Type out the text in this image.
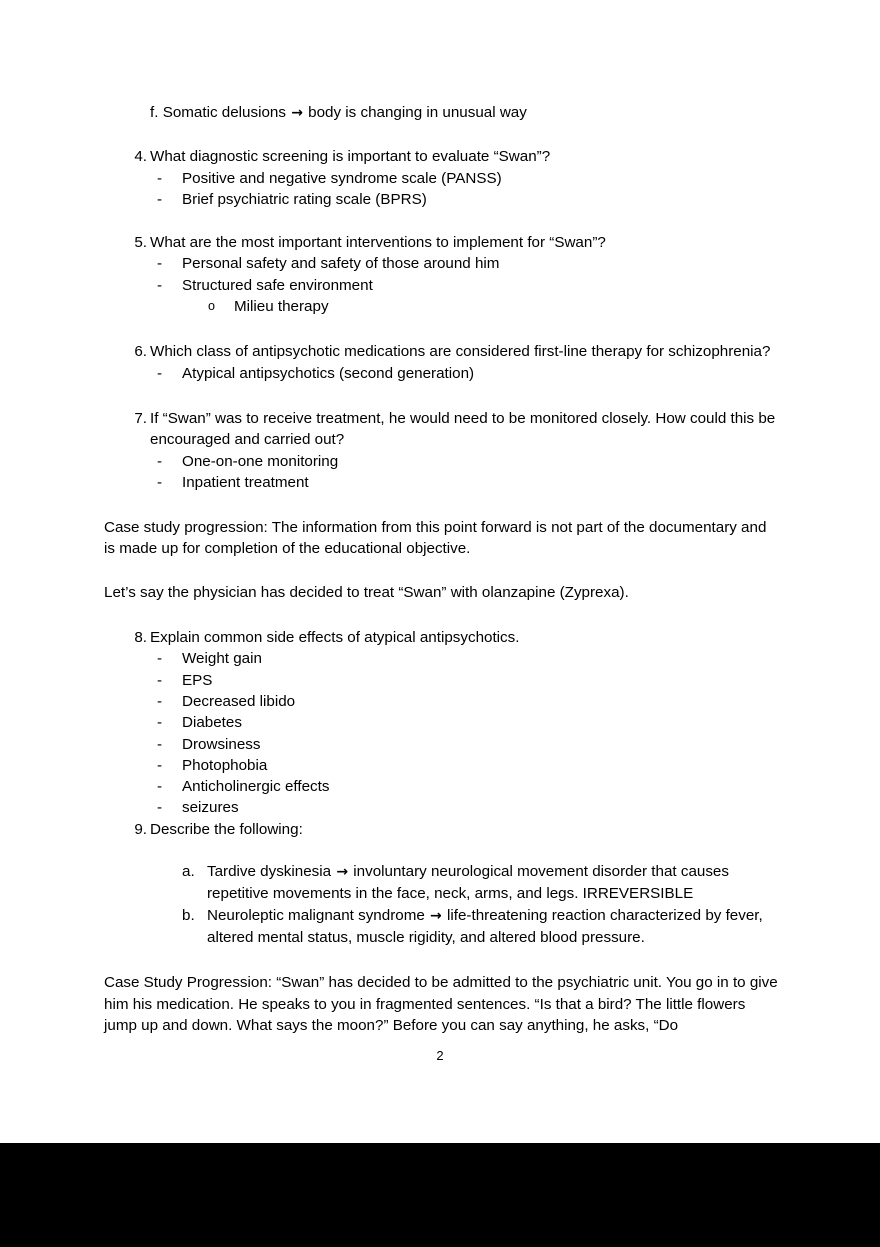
f. Somatic delusions → body is changing in unusual way
4. What diagnostic screening is important to evaluate “Swan”?
- Positive and negative syndrome scale (PANSS)
- Brief psychiatric rating scale (BPRS)
5. What are the most important interventions to implement for “Swan”?
- Personal safety and safety of those around him
- Structured safe environment
o Milieu therapy
6. Which class of antipsychotic medications are considered first-line therapy for schizophrenia?
- Atypical antipsychotics (second generation)
7. If “Swan” was to receive treatment, he would need to be monitored closely. How could this be encouraged and carried out?
- One-on-one monitoring
- Inpatient treatment

Case study progression: The information from this point forward is not part of the documentary and is made up for completion of the educational objective.

Let’s say the physician has decided to treat “Swan” with olanzapine (Zyprexa).

8. Explain common side effects of atypical antipsychotics.
- Weight gain
- EPS
- Decreased libido
- Diabetes
- Drowsiness
- Photophobia
- Anticholinergic effects
- seizures
9. Describe the following:
a. Tardive dyskinesia → involuntary neurological movement disorder that causes repetitive movements in the face, neck, arms, and legs. IRREVERSIBLE
b. Neuroleptic malignant syndrome → life-threatening reaction characterized by fever, altered mental status, muscle rigidity, and altered blood pressure.

Case Study Progression: “Swan” has decided to be admitted to the psychiatric unit. You go in to give him his medication. He speaks to you in fragmented sentences. “Is that a bird? The little flowers jump up and down. What says the moon?” Before you can say anything, he asks, “Do

2
